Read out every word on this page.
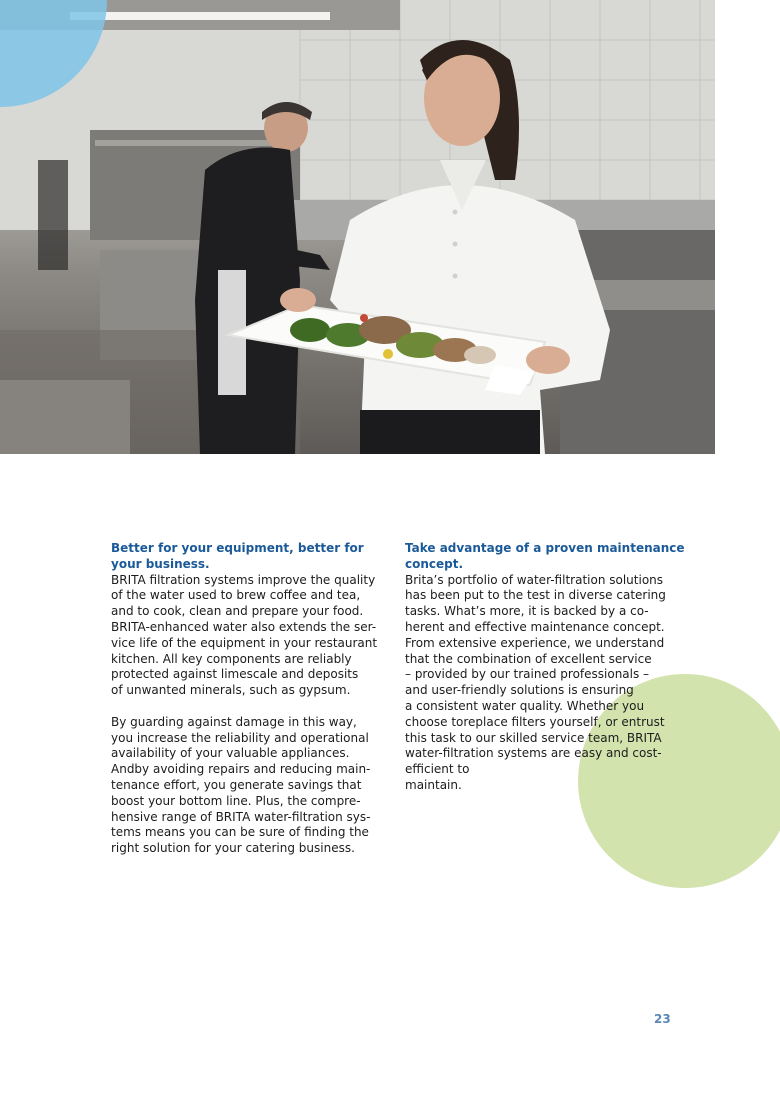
Better for your equipment, better for
your business.

BRITA filtration systems improve the quality
of the water used to brew coffee and tea,
and to cook, clean and prepare your food.
BRITA-enhanced water also extends the ser-
vice life of the equipment in your restaurant
kitchen. All key components are reliably
protected against limescale and deposits
of unwanted minerals, such as gypsum.

By guarding against damage in this way,
you increase the reliability and operational
availability of your valuable appliances.
Andby avoiding repairs and reducing main-
tenance effort, you generate savings that
boost your bottom line. Plus, the compre-
hensive range of BRITA water-filtration sys-
tems means you can be sure of finding the
right solution for your catering business.

Take advantage of a proven maintenance
concept.

Brita’s portfolio of water-filtration solutions
has been put to the test in diverse catering
tasks. What’s more, it is backed by a co-
herent and effective maintenance concept.
From extensive experience, we understand
that the combination of excellent service
– provided by our trained professionals –
and user-friendly solutions is ensuring
a consistent water quality. Whether you
choose toreplace filters yourself, or entrust
this task to our skilled service team, BRITA
water-filtration systems are easy and cost-
efficient to
maintain.

23
